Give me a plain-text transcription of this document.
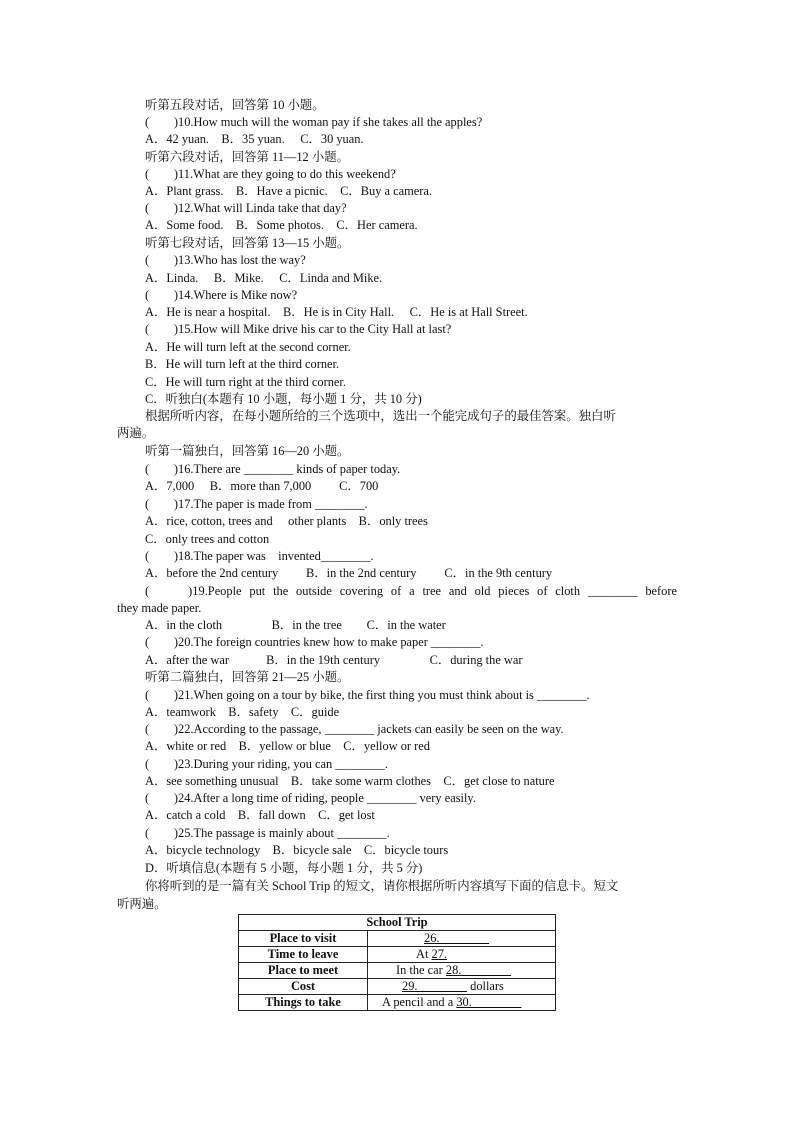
听第五段对话，回答第 10 小题。
(　　)10.How much will the woman pay if she takes all the apples?
A．42 yuan.　B．35 yuan.　 C．30 yuan.
听第六段对话，回答第 11—12 小题。
(　　)11.What are they going to do this weekend?
A．Plant grass.　B．Have a picnic.　C．Buy a camera.
(　　)12.What will Linda take that day?
A．Some food.　B．Some photos.　C．Her camera.
听第七段对话，回答第 13—15 小题。
(　　)13.Who has lost the way?
A．Linda.　 B．Mike.　 C．Linda and Mike.
(　　)14.Where is Mike now?
A．He is near a hospital.　B．He is in City Hall.　 C．He is at Hall Street.
(　　)15.How will Mike drive his car to the City Hall at last?
A．He will turn left at the second corner.
B．He will turn left at the third corner.
C．He will turn right at the third corner.
C．听独白(本题有 10 小题，每小题 1 分，共 10 分)
根据所听内容，在每小题所给的三个选项中，选出一个能完成句子的最佳答案。独白听
两遍。
听第一篇独白，回答第 16—20 小题。
(　　)16.There are ________ kinds of paper today.
A．7,000　 B．more than 7,000　　 C．700
(　　)17.The paper is made from ________.
A．rice, cotton, trees and　 other plants　B．only trees
C．only trees and cotton
(　　)18.The paper was　invented________.
A．before the 2nd century　　 B．in the 2nd century　　 C．in the 9th century
(　　)19.People put the outside covering of a tree and old pieces of cloth ________ before
they made paper.
A．in the cloth　　　　B．in the tree　　C．in the water
(　　)20.The foreign countries knew how to make paper ________.
A．after the war　　　B．in the 19th century　　　　C．during the war
听第二篇独白，回答第 21—25 小题。
(　　)21.When going on a tour by bike, the first thing you must think about is ________.
A．teamwork　B．safety　C．guide
(　　)22.According to the passage, ________ jackets can easily be seen on the way.
A．white or red　B．yellow or blue　C．yellow or red
(　　)23.During your riding, you can ________.
A．see something unusual　B．take some warm clothes　C．get close to nature
(　　)24.After a long time of riding, people ________ very easily.
A．catch a cold　B．fall down　C．get lost
(　　)25.The passage is mainly about ________.
A．bicycle technology　B．bicycle sale　C．bicycle tours
D．听填信息(本题有 5 小题，每小题 1 分，共 5 分)
你将听到的是一篇有关 School Trip 的短文，请你根据所听内容填写下面的信息卡。短文
听两遍。
School Trip	
Place to visit	26.________
Time to leave	At 27.
Place to meet	In the car 28.________
Cost	29.________ dollars
Things to take	A pencil and a 30.________
